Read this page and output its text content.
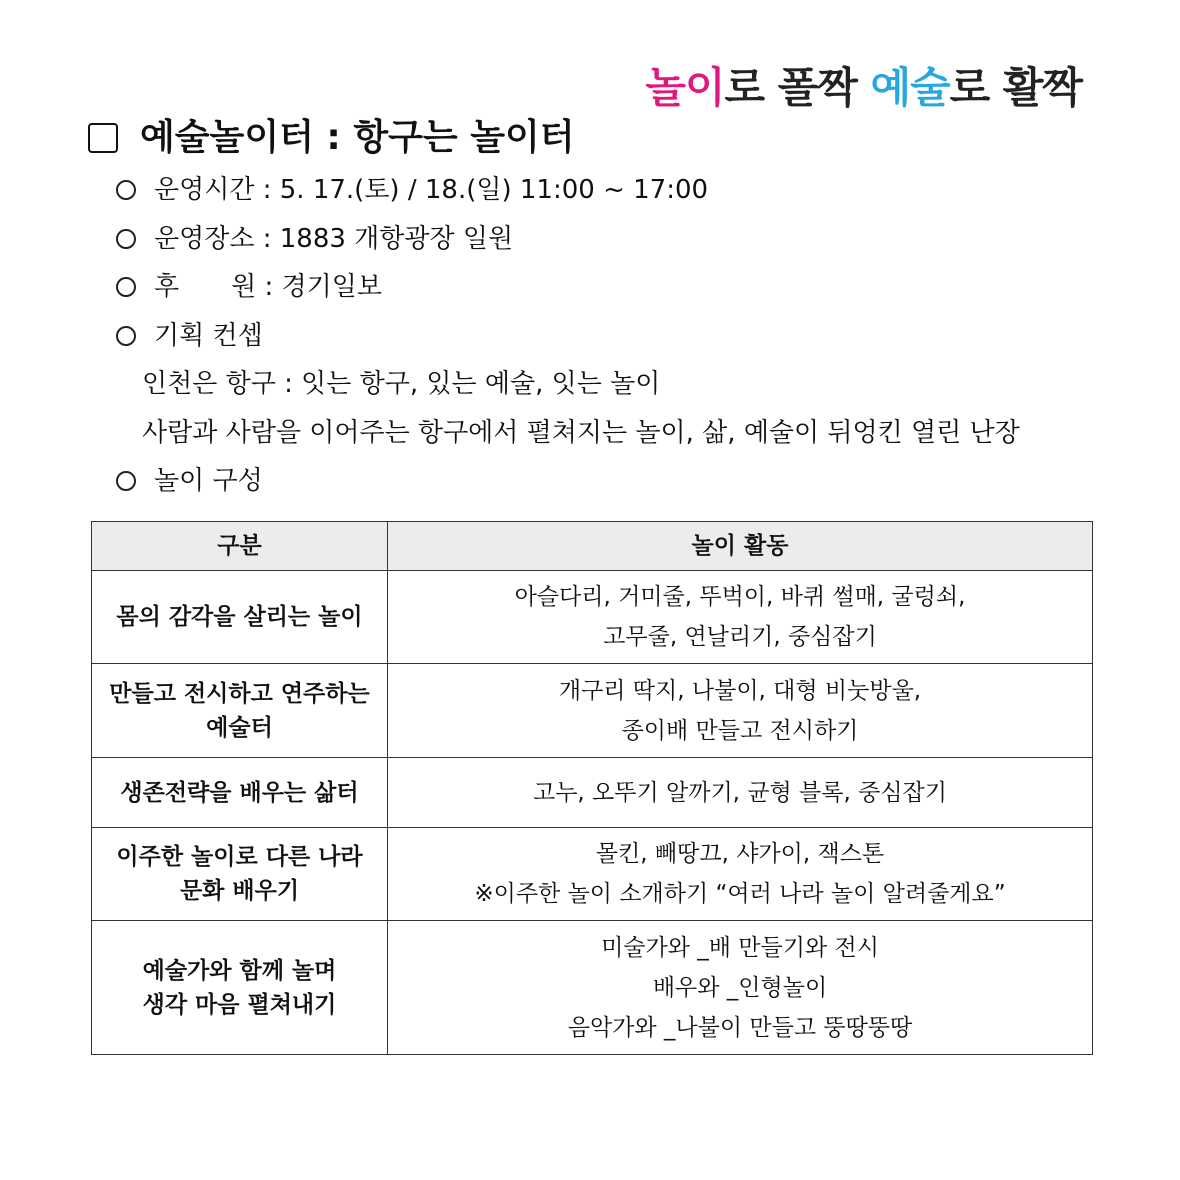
놀이로 폴짝 예술로 활짝
예술놀이터 : 항구는 놀이터
운영시간 : 5. 17.(토) / 18.(일) 11:00 ~ 17:00
운영장소 : 1883 개항광장 일원
후　　원 : 경기일보
기획 컨셉
인천은 항구 : 잇는 항구, 있는 예술, 잇는 놀이
사람과 사람을 이어주는 항구에서 펼쳐지는 놀이, 삶, 예술이 뒤엉킨 열린 난장
놀이 구성
구분	놀이 활동

몸의 감각을 살리는 놀이	아슬다리, 거미줄, 뚜벅이, 바퀴 썰매, 굴렁쇠,
고무줄, 연날리기, 중심잡기

만들고 전시하고 연주하는
예술터	개구리 딱지, 나불이, 대형 비눗방울,
종이배 만들고 전시하기

생존전략을 배우는 삶터	고누, 오뚜기 알까기, 균형 블록, 중심잡기

이주한 놀이로 다른 나라
문화 배우기	몰킨, 빼땅끄, 샤가이, 잭스톤
※이주한 놀이 소개하기 “여러 나라 놀이 알려줄게요”

예술가와 함께 놀며
생각 마음 펼쳐내기	미술가와 _배 만들기와 전시
배우와 _인형놀이
음악가와 _나불이 만들고 뚱땅뚱땅
